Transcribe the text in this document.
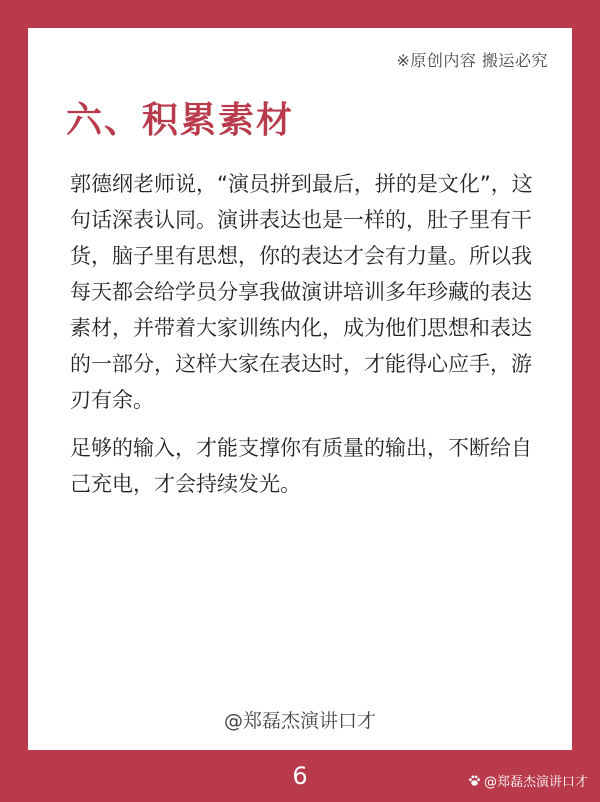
※原创内容 搬运必究
六、积累素材

郭德纲老师说，“演员拼到最后，拼的是文化”，这句话深表认同。演讲表达也是一样的，肚子里有干货，脑子里有思想，你的表达才会有力量。所以我每天都会给学员分享我做演讲培训多年珍藏的表达素材，并带着大家训练内化，成为他们思想和表达的一部分，这样大家在表达时，才能得心应手，游刃有余。

足够的输入，才能支撑你有质量的输出，不断给自己充电，才会持续发光。

@郑磊杰演讲口才
6	@郑磊杰演讲口才
